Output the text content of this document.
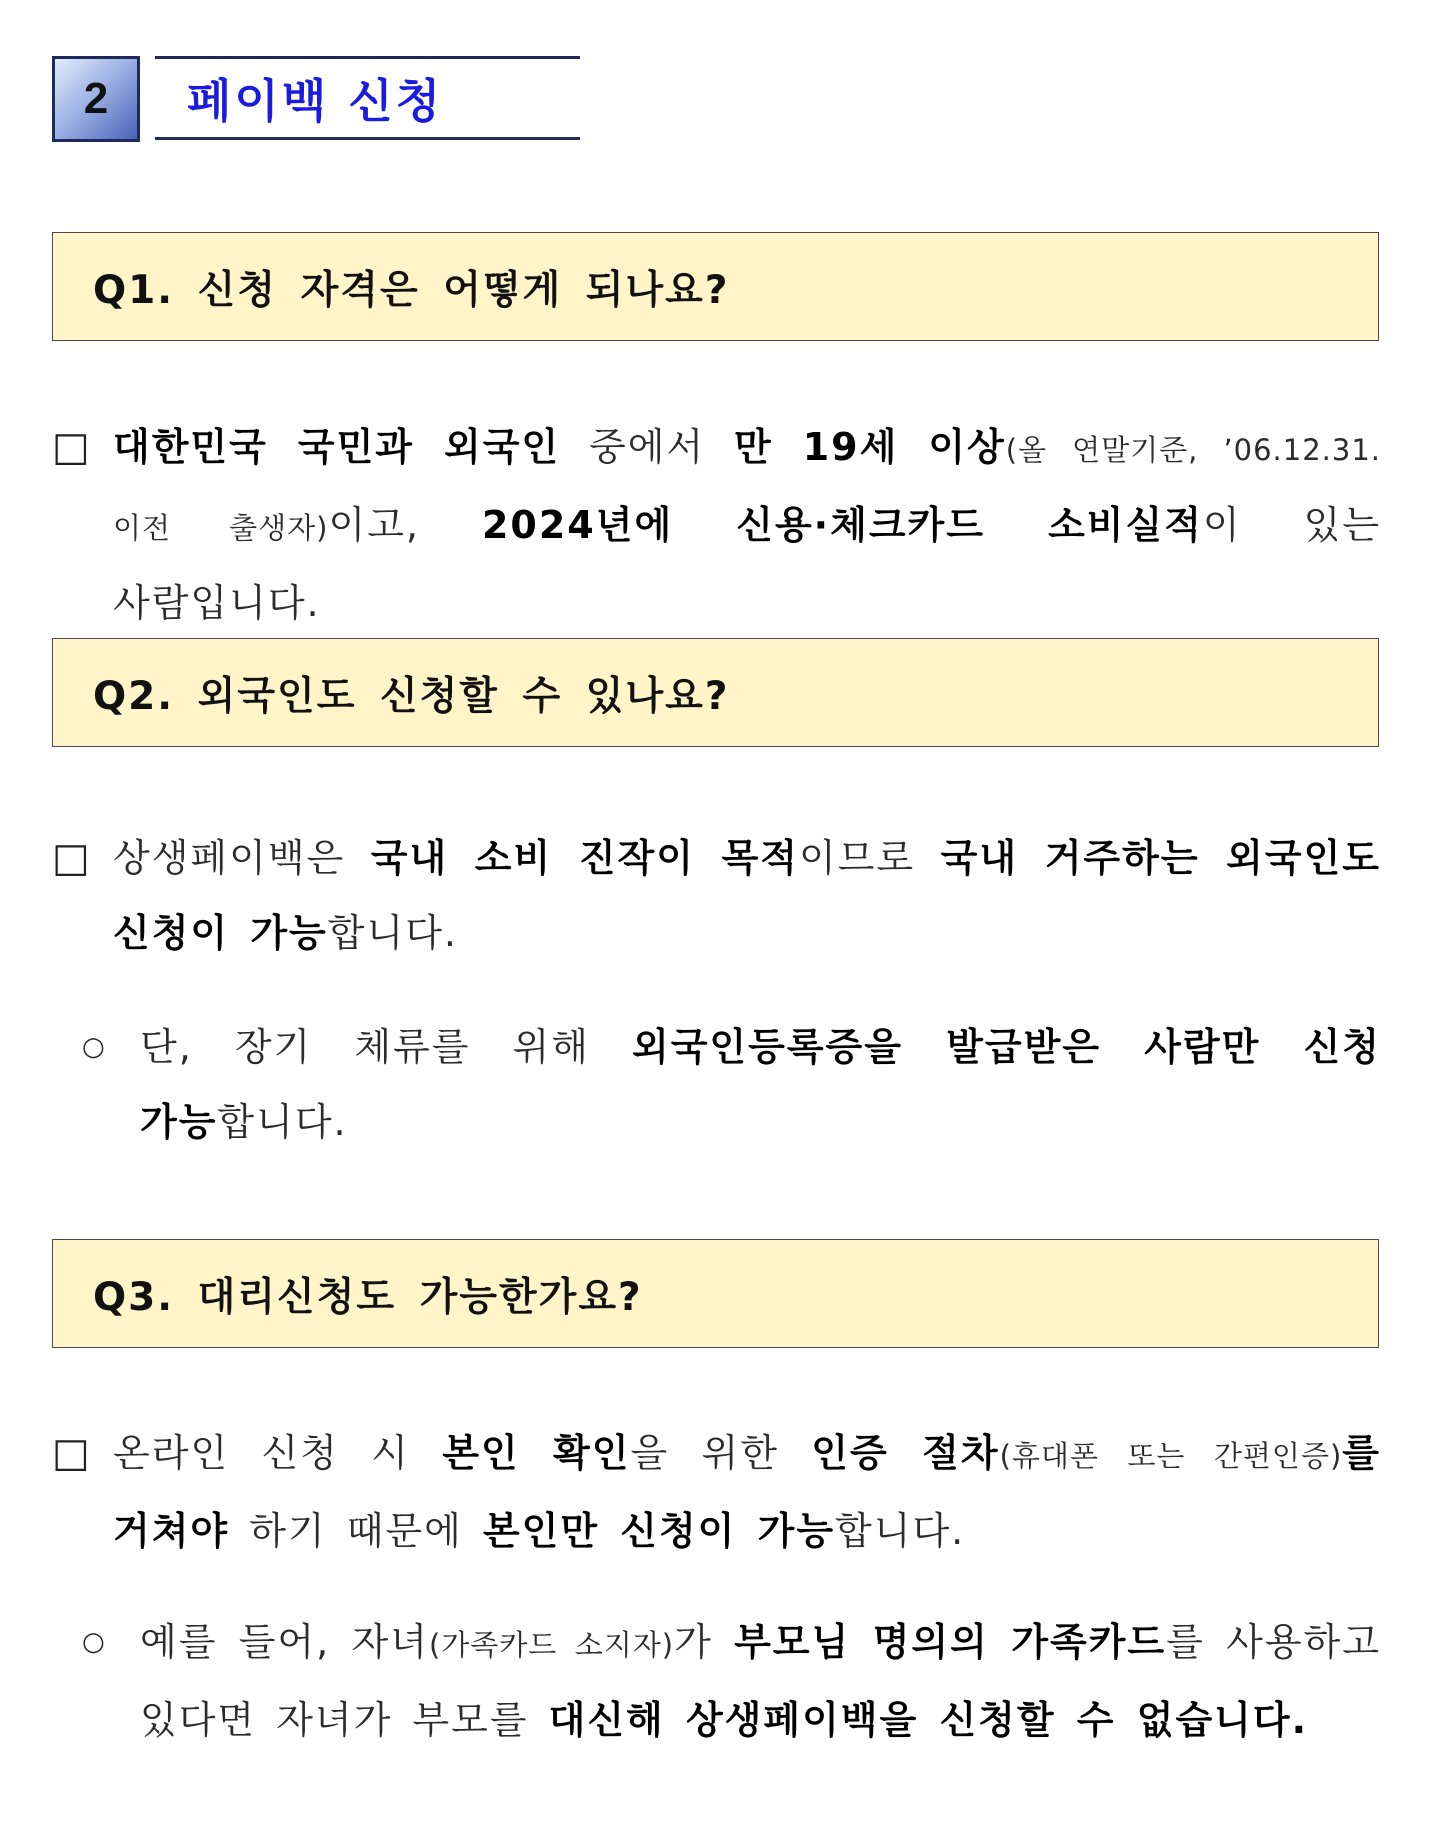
2	페이백 신청
Q1. 신청 자격은 어떻게 되나요?
□ 대한민국 국민과 외국인 중에서 만 19세 이상(올 연말기준, ’06.12.31. 이전 출생자)이고, 2024년에 신용·체크카드 소비실적이 있는 사람입니다.
Q2. 외국인도 신청할 수 있나요?
□ 상생페이백은 국내 소비 진작이 목적이므로 국내 거주하는 외국인도 신청이 가능합니다.
○ 단, 장기 체류를 위해 외국인등록증을 발급받은 사람만 신청 가능합니다.
Q3. 대리신청도 가능한가요?
□ 온라인 신청 시 본인 확인을 위한 인증 절차(휴대폰 또는 간편인증)를 거쳐야 하기 때문에 본인만 신청이 가능합니다.
○ 예를 들어, 자녀(가족카드 소지자)가 부모님 명의의 가족카드를 사용하고 있다면 자녀가 부모를 대신해 상생페이백을 신청할 수 없습니다.
